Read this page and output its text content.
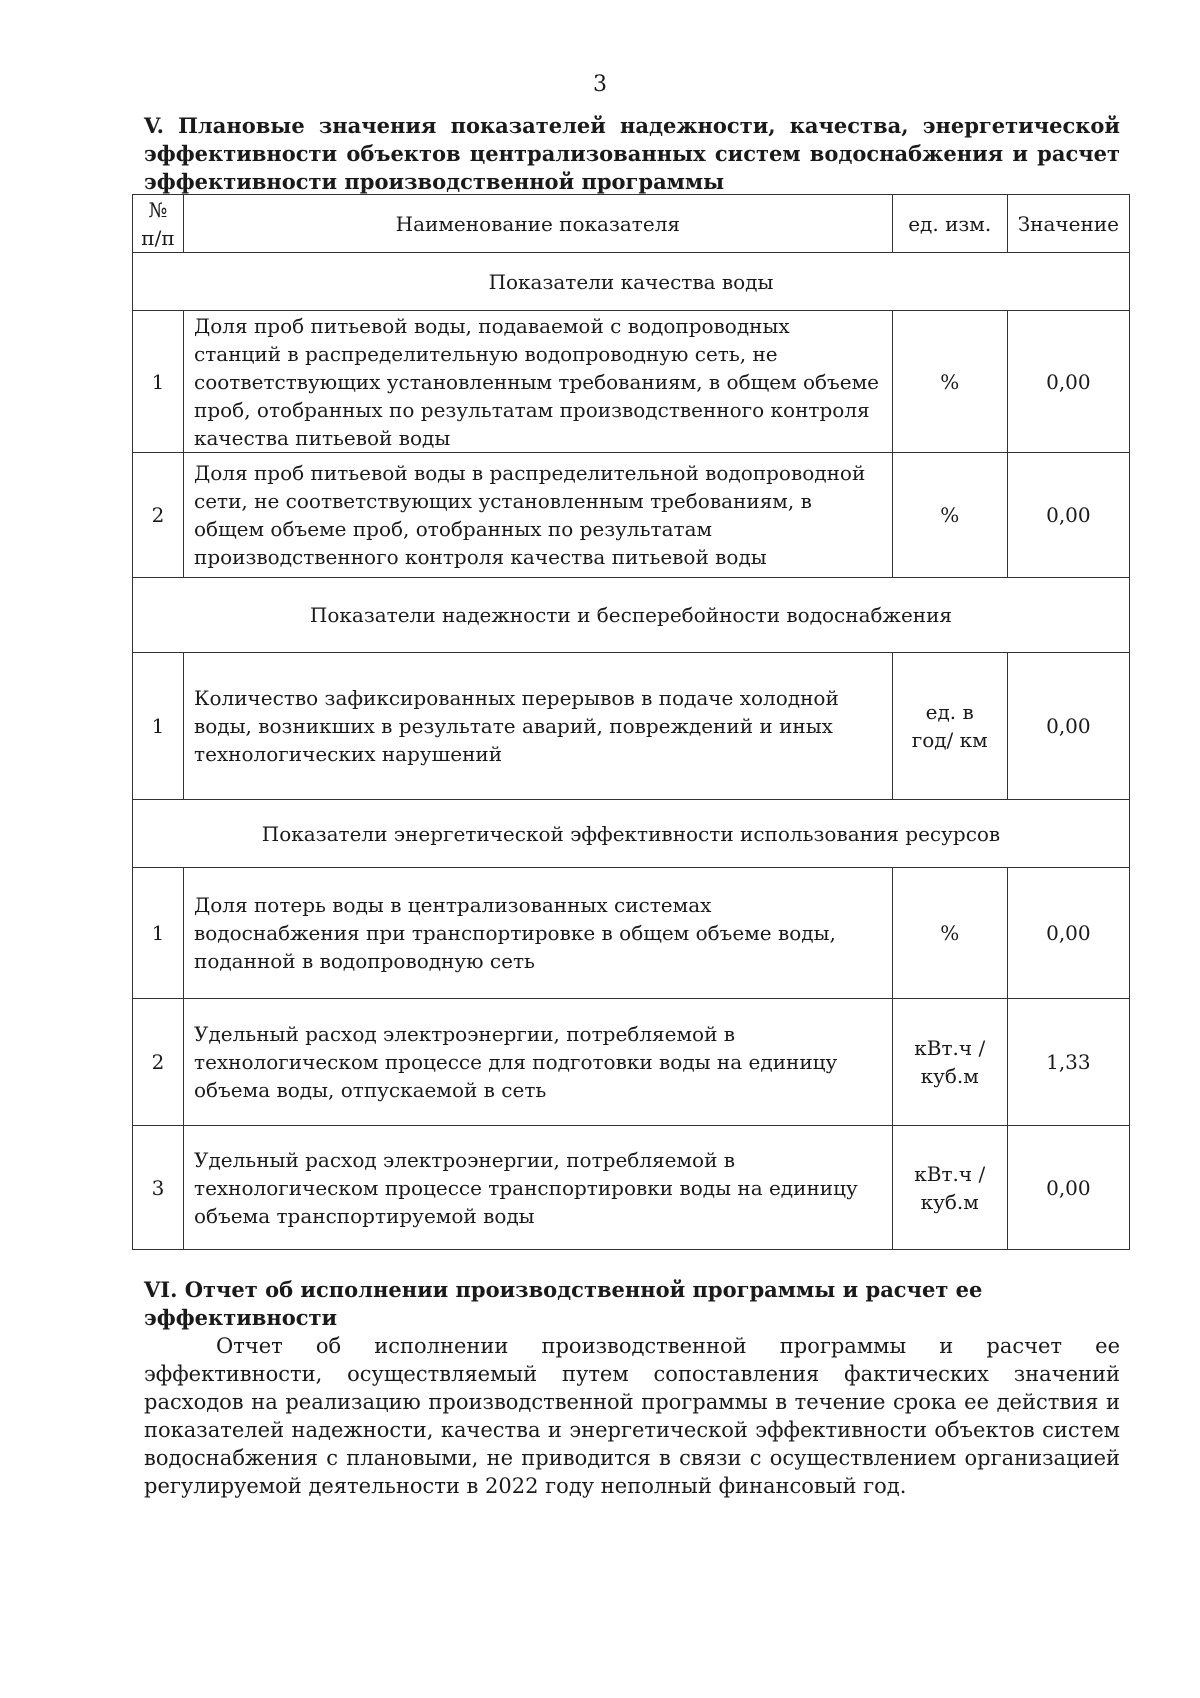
3
V. Плановые значения показателей надежности, качества, энергетической эффективности объектов централизованных систем водоснабжения и расчет эффективности производственной программы
№ п/п	Наименование показателя	ед. изм.	Значение
Показатели качества воды			
1	Доля проб питьевой воды, подаваемой с водопроводных станций в распределительную водопроводную сеть, не соответствующих установленным требованиям, в общем объеме проб, отобранных по результатам производственного контроля качества питьевой воды	%	0,00
2	Доля проб питьевой воды в распределительной водопроводной сети, не соответствующих установленным требованиям, в общем объеме проб, отобранных по результатам производственного контроля качества питьевой воды	%	0,00
Показатели надежности и бесперебойности водоснабжения			
1	Количество зафиксированных перерывов в подаче холодной воды, возникших в результате аварий, повреждений и иных технологических нарушений	ед. в год/ км	0,00
Показатели энергетической эффективности использования ресурсов			
1	Доля потерь воды в централизованных системах водоснабжения при транспортировке в общем объеме воды, поданной в водопроводную сеть	%	0,00
2	Удельный расход электроэнергии, потребляемой в технологическом процессе для подготовки воды на единицу объема воды, отпускаемой в сеть	кВт.ч / куб.м	1,33
3	Удельный расход электроэнергии, потребляемой в технологическом процессе транспортировки воды на единицу объема транспортируемой воды	кВт.ч / куб.м	0,00
VI. Отчет об исполнении производственной программы и расчет ее эффективности

Отчет об исполнении производственной программы и расчет ее эффективности, осуществляемый путем сопоставления фактических значений расходов на реализацию производственной программы в течение срока ее действия и показателей надежности, качества и энергетической эффективности объектов систем водоснабжения с плановыми, не приводится в связи с осуществлением организацией регулируемой деятельности в 2022 году неполный финансовый год.
